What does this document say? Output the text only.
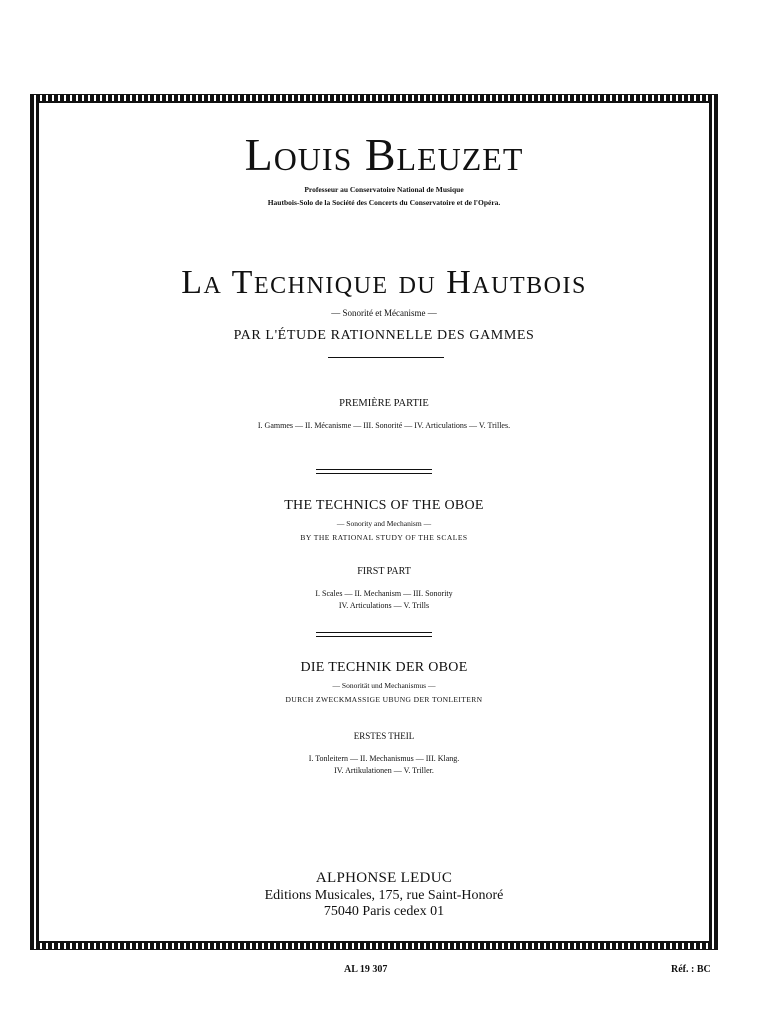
Louis Bleuzet
Professeur au Conservatoire National de Musique
Hautbois-Solo de la Société des Concerts du Conservatoire et de l'Opéra.
La Technique du Hautbois
— Sonorité et Mécanisme —
PAR L'ÉTUDE RATIONNELLE DES GAMMES
PREMIÈRE PARTIE
I. Gammes — II. Mécanisme — III. Sonorité — IV. Articulations — V. Trilles.
THE TECHNICS OF THE OBOE
— Sonority and Mechanism —
BY THE RATIONAL STUDY OF THE SCALES
FIRST PART
I. Scales — II. Mechanism — III. Sonority
IV. Articulations — V. Trills
DIE TECHNIK DER OBOE
— Sonorität und Mechanismus —
DURCH ZWECKMASSIGE UBUNG DER TONLEITERN
ERSTES THEIL
I. Tonleitern — II. Mechanismus — III. Klang.
IV. Artikulationen — V. Triller.
ALPHONSE LEDUC
Editions Musicales, 175, rue Saint-Honoré
75040 Paris cedex 01
AL 19 307	Réf. : BC
